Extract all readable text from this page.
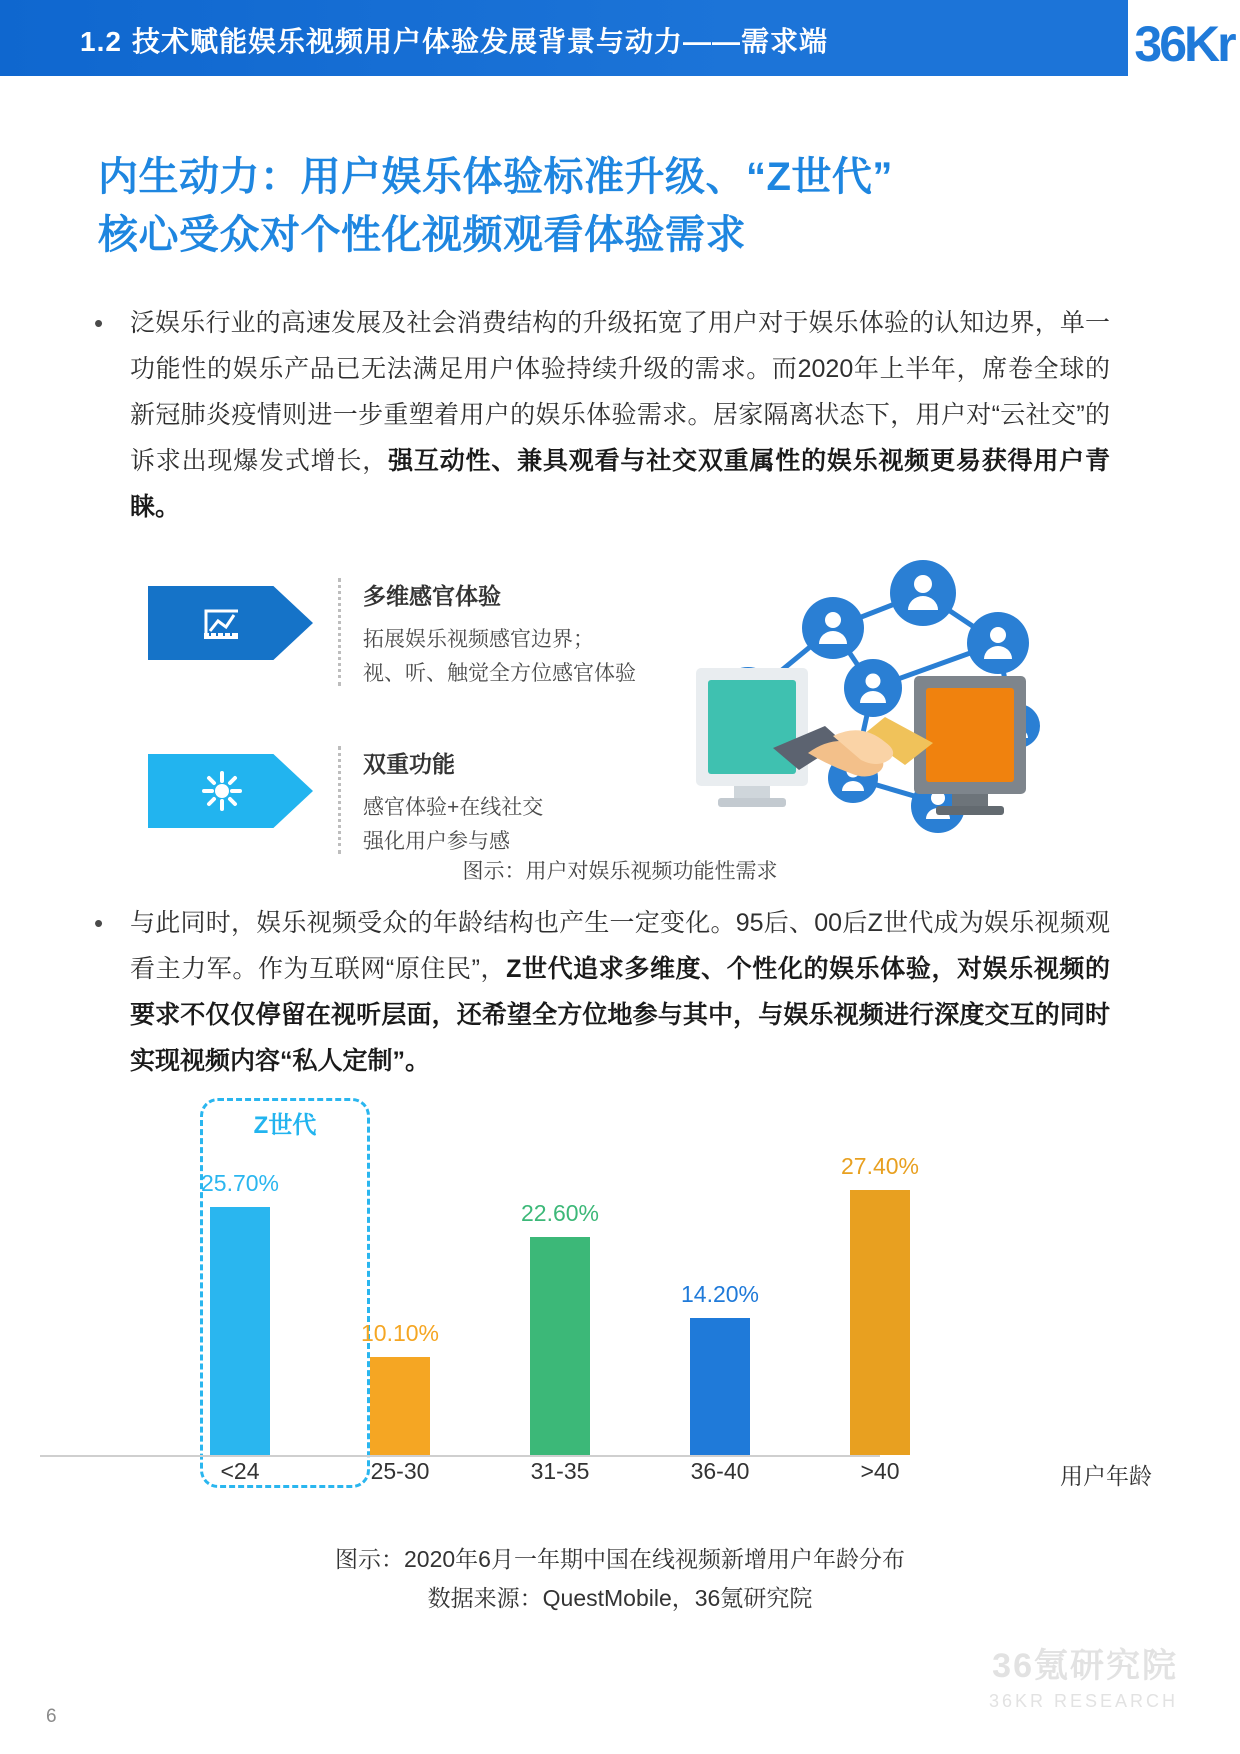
1.2 技术赋能娱乐视频用户体验发展背景与动力——需求端	36Kr
内生动力：用户娱乐体验标准升级、“Z世代”
核心受众对个性化视频观看体验需求
•	泛娱乐行业的高速发展及社会消费结构的升级拓宽了用户对于娱乐体验的认知边界，单一功能性的娱乐产品已无法满足用户体验持续升级的需求。而2020年上半年，席卷全球的新冠肺炎疫情则进一步重塑着用户的娱乐体验需求。居家隔离状态下，用户对“云社交”的诉求出现爆发式增长，强互动性、兼具观看与社交双重属性的娱乐视频更易获得用户青睐。
多维感官体验
拓展娱乐视频感官边界；
视、听、触觉全方位感官体验
双重功能
感官体验+在线社交
强化用户参与感
图示：用户对娱乐视频功能性需求
•	与此同时，娱乐视频受众的年龄结构也产生一定变化。95后、00后Z世代成为娱乐视频观看主力军。作为互联网“原住民”，Z世代追求多维度、个性化的娱乐体验，对娱乐视频的要求不仅仅停留在视听层面，还希望全方位地参与其中，与娱乐视频进行深度交互的同时实现视频内容“私人定制”。
Z世代
25.70%
10.10%
22.60%
14.20%
27.40%
<24	25-30	31-35	36-40	>40	用户年龄
图示：2020年6月一年期中国在线视频新增用户年龄分布
数据来源：QuestMobile，36氪研究院
36氪研究院
36KR RESEARCH
6
